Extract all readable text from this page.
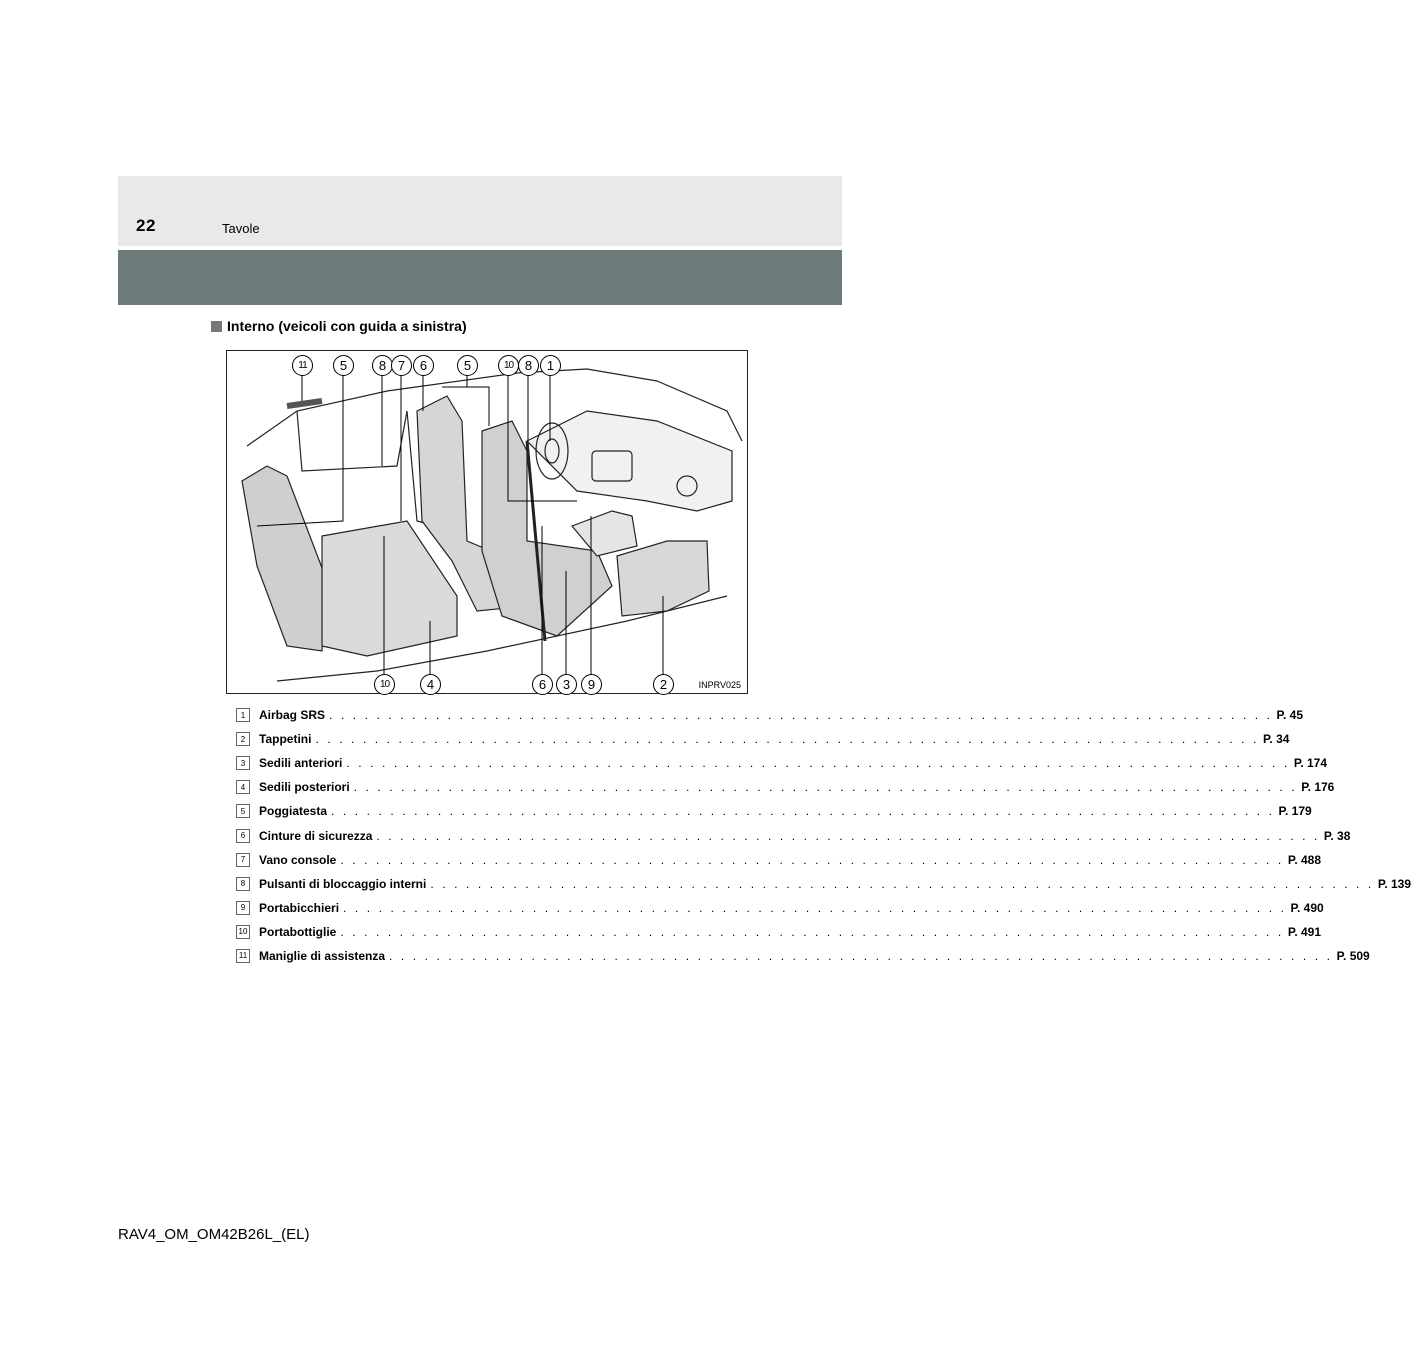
22	Tavole
Interno (veicoli con guida a sinistra)
11	5	8 7	6	5	10 8	1
10	4	6	3	9	2	INPRV025
1	Airbag SRS . . . . . . . . . . . . . . . . . . . . . . . . . . . . . . . . . . . . . . . . . . . . . . . . . . . . . . . . . . . . . . . . . . . . . . . . . . . . . . . . P. 45
2	Tappetini . . . . . . . . . . . . . . . . . . . . . . . . . . . . . . . . . . . . . . . . . . . . . . . . . . . . . . . . . . . . . . . . . . . . . . . . . . . . . . . . P. 34
3	Sedili anteriori . . . . . . . . . . . . . . . . . . . . . . . . . . . . . . . . . . . . . . . . . . . . . . . . . . . . . . . . . . . . . . . . . . . . . . . . . . . . . . . . P. 174
4	Sedili posteriori . . . . . . . . . . . . . . . . . . . . . . . . . . . . . . . . . . . . . . . . . . . . . . . . . . . . . . . . . . . . . . . . . . . . . . . . . . . . . . . . P. 176
5	Poggiatesta . . . . . . . . . . . . . . . . . . . . . . . . . . . . . . . . . . . . . . . . . . . . . . . . . . . . . . . . . . . . . . . . . . . . . . . . . . . . . . . . P. 179
6	Cinture di sicurezza . . . . . . . . . . . . . . . . . . . . . . . . . . . . . . . . . . . . . . . . . . . . . . . . . . . . . . . . . . . . . . . . . . . . . . . . . . . . . . . . P. 38
7	Vano console . . . . . . . . . . . . . . . . . . . . . . . . . . . . . . . . . . . . . . . . . . . . . . . . . . . . . . . . . . . . . . . . . . . . . . . . . . . . . . . . P. 488
8	Pulsanti di bloccaggio interni . . . . . . . . . . . . . . . . . . . . . . . . . . . . . . . . . . . . . . . . . . . . . . . . . . . . . . . . . . . . . . . . . . . . . . . . . . . . . . . . P. 139
9	Portabicchieri . . . . . . . . . . . . . . . . . . . . . . . . . . . . . . . . . . . . . . . . . . . . . . . . . . . . . . . . . . . . . . . . . . . . . . . . . . . . . . . . P. 490
10 Portabottiglie . . . . . . . . . . . . . . . . . . . . . . . . . . . . . . . . . . . . . . . . . . . . . . . . . . . . . . . . . . . . . . . . . . . . . . . . . . . . . . . . P. 491
11 Maniglie di assistenza . . . . . . . . . . . . . . . . . . . . . . . . . . . . . . . . . . . . . . . . . . . . . . . . . . . . . . . . . . . . . . . . . . . . . . . . . . . . . . . . P. 509
RAV4_OM_OM42B26L_(EL)
